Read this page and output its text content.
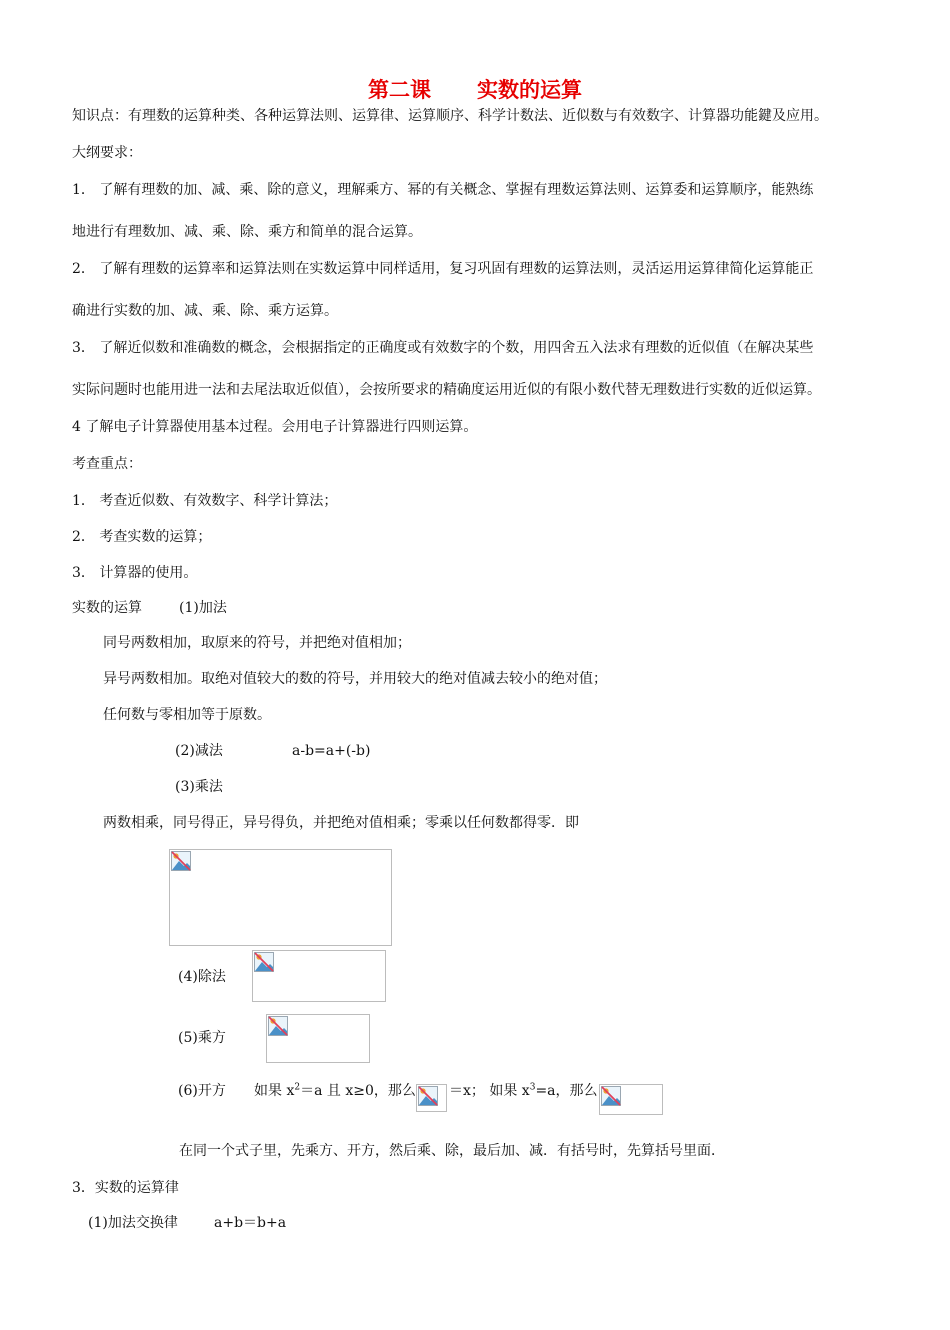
第二课 实数的运算
知识点：有理数的运算种类、各种运算法则、运算律、运算顺序、科学计数法、近似数与有效数字、计算器功能鍵及应用。
大纲要求：
1． 了解有理数的加、减、乘、除的意义，理解乘方、幂的有关概念、掌握有理数运算法则、运算委和运算顺序，能熟练
地进行有理数加、减、乘、除、乘方和简单的混合运算。
2． 了解有理数的运算率和运算法则在实数运算中同样适用，复习巩固有理数的运算法则，灵活运用运算律简化运算能正
确进行实数的加、减、乘、除、乘方运算。
3． 了解近似数和准确数的概念，会根据指定的正确度或有效数字的个数，用四舍五入法求有理数的近似值（在解决某些
实际问题时也能用进一法和去尾法取近似值），会按所要求的精确度运用近似的有限小数代替无理数进行实数的近似运算。
4 了解电子计算器使用基本过程。会用电子计算器进行四则运算。
考查重点：
1． 考查近似数、有效数字、科学计算法；
2． 考查实数的运算；
3． 计算器的使用。
实数的运算	(1)加法
同号两数相加，取原来的符号，并把绝对值相加；
异号两数相加。取绝对值较大的数的符号，并用较大的绝对值减去较小的绝对值；
任何数与零相加等于原数。
(2)减法	a-b=a+(-b)
(3)乘法
两数相乘，同号得正，异号得负，并把绝对值相乘；零乘以任何数都得零．即
(4)除法
(5)乘方
(6)开方 如果 $x^2=a$ 且 x≥0，那么 ＝x； 如果 $x^3=a$，那么
在同一个式子里，先乘方、开方，然后乘、除，最后加、减．有括号时，先算括号里面．
3．实数的运算律
(1)加法交换律	a+b＝b+a
